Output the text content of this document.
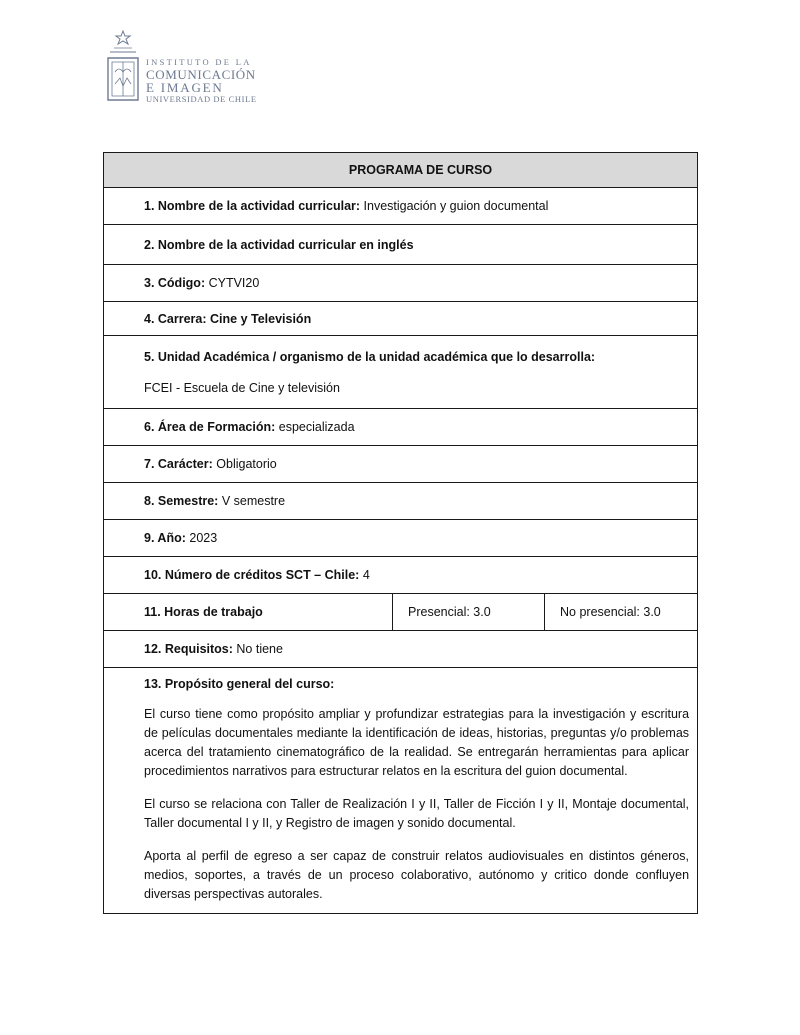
INSTITUTO DE LA
COMUNICACIÓN
E IMAGEN
UNIVERSIDAD DE CHILE
PROGRAMA DE CURSO
1. Nombre de la actividad curricular: Investigación y guion documental
2. Nombre de la actividad curricular en inglés
3. Código: CYTVI20
4. Carrera: Cine y Televisión

5. Unidad Académica / organismo de la unidad académica que lo desarrolla:
FCEI - Escuela de Cine y televisión

6. Área de Formación: especializada
7. Carácter: Obligatorio
8. Semestre: V semestre
9. Año: 2023
10. Número de créditos SCT – Chile: 4
11. Horas de trabajo	Presencial: 3.0	No presencial: 3.0
12. Requisitos: No tiene

13. Propósito general del curso:

El curso tiene como propósito ampliar y profundizar estrategias para la investigación y escritura de películas documentales mediante la identificación de ideas, historias, preguntas y/o problemas acerca del tratamiento cinematográfico de la realidad. Se entregarán herramientas para aplicar procedimientos narrativos para estructurar relatos en la escritura del guion documental.

El curso se relaciona con Taller de Realización I y II, Taller de Ficción I y II, Montaje documental, Taller documental I y II, y Registro de imagen y sonido documental.

Aporta al perfil de egreso a ser capaz de construir relatos audiovisuales en distintos géneros, medios, soportes, a través de un proceso colaborativo, autónomo y critico donde confluyen diversas perspectivas autorales.
